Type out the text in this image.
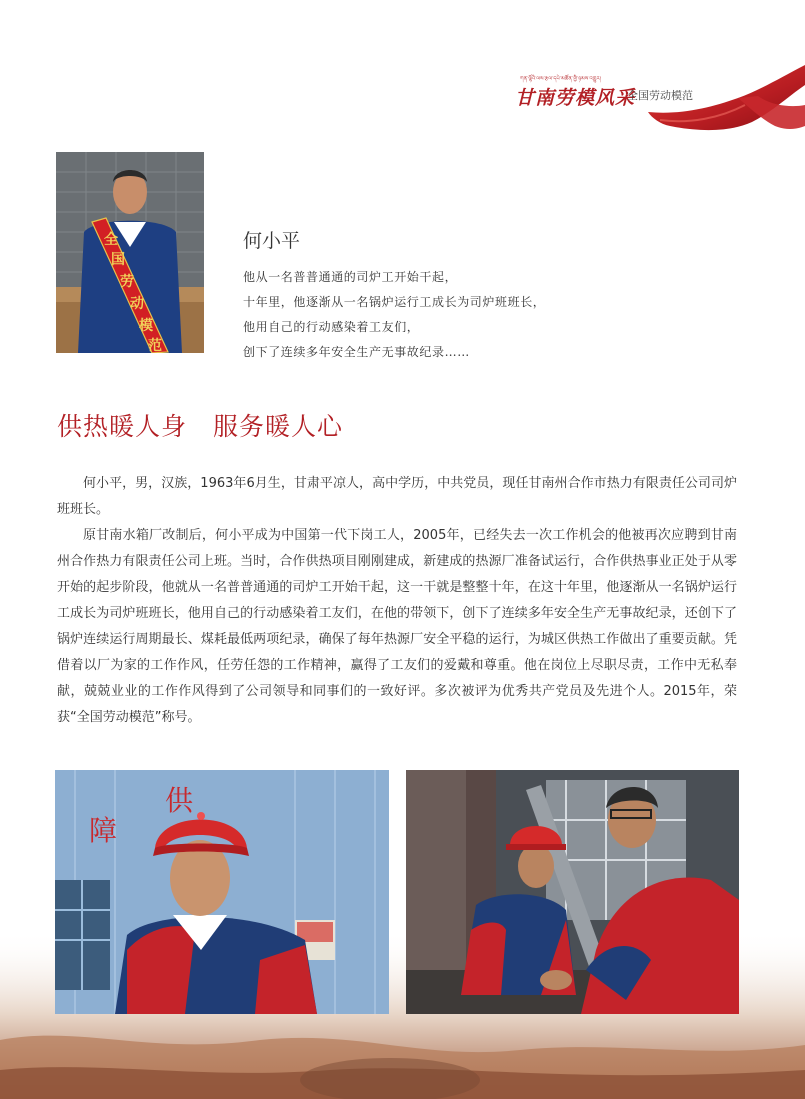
ཀན་ལྷོའི་ལས་རྩལ་དཔེ་མཚོན་གྱི་ཉམས་འགྱུར།
甘南劳模风采
全国劳动模范
全
国
劳
动
模
范
何小平
他从一名普普通通的司炉工开始干起，
十年里，他逐渐从一名锅炉运行工成长为司炉班班长，
他用自己的行动感染着工友们，
创下了连续多年安全生产无事故纪录……
供热暖人身　服务暖人心

何小平，男，汉族，1963年6月生，甘肃平凉人，高中学历，中共党员，现任甘南州合作市热力有限责任公司司炉班班长。

原甘南水箱厂改制后，何小平成为中国第一代下岗工人，2005年，已经失去一次工作机会的他被再次应聘到甘南州合作热力有限责任公司上班。当时，合作供热项目刚刚建成，新建成的热源厂准备试运行，合作供热事业正处于从零开始的起步阶段，他就从一名普普通通的司炉工开始干起，这一干就是整整十年，在这十年里，他逐渐从一名锅炉运行工成长为司炉班班长，他用自己的行动感染着工友们，在他的带领下，创下了连续多年安全生产无事故纪录，还创下了锅炉连续运行周期最长、煤耗最低两项纪录，确保了每年热源厂安全平稳的运行，为城区供热工作做出了重要贡献。凭借着以厂为家的工作作风，任劳任怨的工作精神，赢得了工友们的爱戴和尊重。他在岗位上尽职尽责，工作中无私奉献，兢兢业业的工作作风得到了公司领导和同事们的一致好评。多次被评为优秀共产党员及先进个人。2015年，荣获“全国劳动模范”称号。

障
供
